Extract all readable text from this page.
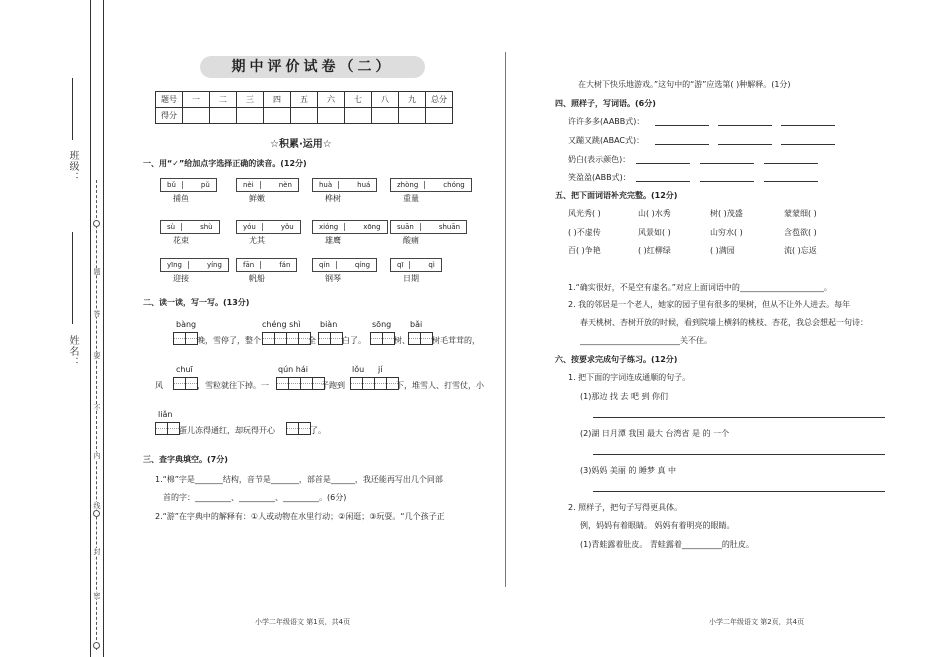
班级：
姓名：
题
答
要
不
内
线
封
密
期中评价试卷（二）
题号	一	二	三	四	五	六	七	八	九	总分
得分										
☆积累·运用☆
一、用“✓”给加点字选择正确的读音。(12分)
bǔ	pǔ
捕鱼
nèi	nèn
鲜嫩
huà	huá
桦树
zhòng	chóng
重量
sù	shù
花束
yóu	yǒu
尤其
xióng	xōng
雄鹰
suān	shuān
酸痛
yīng	yíng
迎接
fān	fán
帆船
qín	qíng
钢琴
qī	qì
日期
二、读一读，写一写。(13分)
bàng	chéng shì biàn	sōng bǎi
晚，雪停了，整个	全	白了。	树、	树毛茸茸的，
chuī	qún hái	lǒu jí
风	，雪粒就往下掉。一	子跑到	下，堆雪人、打雪仗，小
liǎn
蛋儿冻得通红，却玩得开心	了。
三、查字典填空。(7分)
1.“棉”字是_______结构，音节是_______，部首是______，我还能再写出几个同部
首的字：_________、_________、_________。(6分)
2.“游”在字典中的解释有：①人或动物在水里行动；②闲逛；③玩耍。“几个孩子正
小学二年级语文 第1页，共4页
在大树下快乐地游戏。”这句中的“游”应选第( )种解释。(1分)
四、照样子，写词语。(6分)
许许多多(AABB式)：
又蹦又跳(ABAC式)：
奶白(表示颜色)：
笑盈盈(ABB式)：
五、把下面词语补充完整。(12分)
风光秀( )	山( )水秀	树( )茂盛	蒙蒙细( )
( )不虚传	风景如( )	山穷水( )	含苞欲( )
百( )争艳	( )红柳绿	( )满园	流( )忘返
1.“确实很好，不是空有虚名。”对应上面词语中的_____________________。
2. 我的邻居是一个老人，她家的园子里有很多的果树，但从不让外人进去。每年
春天桃树、杏树开放的时候，看到院墙上横斜的桃枝、杏花，我总会想起一句诗：
_________________________关不住。
六、按要求完成句子练习。(12分)
1. 把下面的字词连成通顺的句子。
(1)那边 找 去 吧 到 你们
(2)湖 日月潭 我国 最大 台湾省 是 的 一个
(3)妈妈 美丽 的 睡梦 真 中
2. 照样子，把句子写得更具体。
例，妈妈有着眼睛。 妈妈有着明亮的眼睛。
(1)青蛙露着肚皮。 青蛙露着__________的肚皮。
小学二年级语文 第2页，共4页
